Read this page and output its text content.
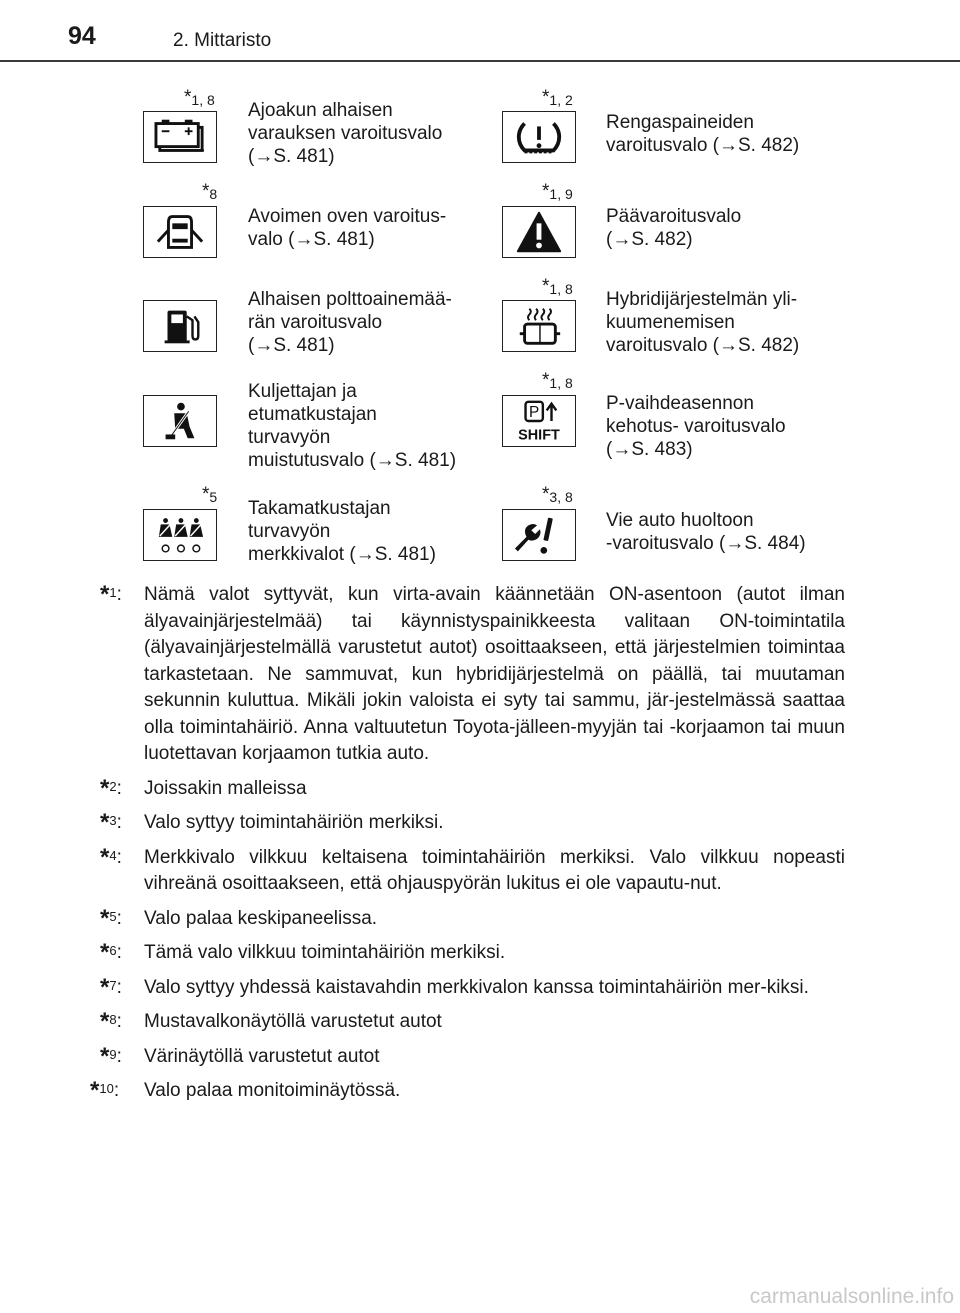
94	2. Mittaristo
*1, 8 Ajoakun alhaisen
varauksen varoitusvalo
(→S. 481)
*1, 2
Rengaspaineiden
varoitusvalo (→S. 482)
*8
Avoimen oven varoitus-
valo (→S. 481)
*1, 9
Päävaroitusvalo
(→S. 482)
Alhaisen polttoainemää-
rän varoitusvalo
(→S. 481)
*1, 8 Hybridijärjestelmän yli-
kuumenemisen
varoitusvalo (→S. 482)
Kuljettajan ja
etumatkustajan
turvavyön
muistutusvalo (→S. 481)
*1, 8
P
SHIFT
P-vaihdeasennon
kehotus- varoitusvalo
(→S. 483)
*5
Takamatkustajan
turvavyön
merkkivalot (→S. 481)
*3, 8
Vie auto huoltoon
-varoitusvalo (→S. 484)
*$^1$: Nämä valot syttyvät, kun virta-avain käännetään ON-asentoon (autot ilman älyavainjärjestelmää) tai käynnistyspainikkeesta valitaan ON-toimintatila (älyavainjärjestelmällä varustetut autot) osoittaakseen, että järjestelmien toimintaa tarkastetaan. Ne sammuvat, kun hybridijärjestelmä on päällä, tai muutaman sekunnin kuluttua. Mikäli jokin valoista ei syty tai sammu, jär-jestelmässä saattaa olla toimintahäiriö. Anna valtuutetun Toyota-jälleen-myyjän tai -korjaamon tai muun luotettavan korjaamon tutkia auto.
*$^2$: Joissakin malleissa
*$^3$: Valo syttyy toimintahäiriön merkiksi.
*$^4$: Merkkivalo vilkkuu keltaisena toimintahäiriön merkiksi. Valo vilkkuu nopeasti vihreänä osoittaakseen, että ohjauspyörän lukitus ei ole vapautu-nut.
*$^5$: Valo palaa keskipaneelissa.
*$^6$: Tämä valo vilkkuu toimintahäiriön merkiksi.
*$^7$: Valo syttyy yhdessä kaistavahdin merkkivalon kanssa toimintahäiriön mer-kiksi.
*$^8$: Mustavalkonäytöllä varustetut autot
*$^9$: Värinäytöllä varustetut autot
*$^{10}$: Valo palaa monitoiminäytössä.
carmanualsonline.info
